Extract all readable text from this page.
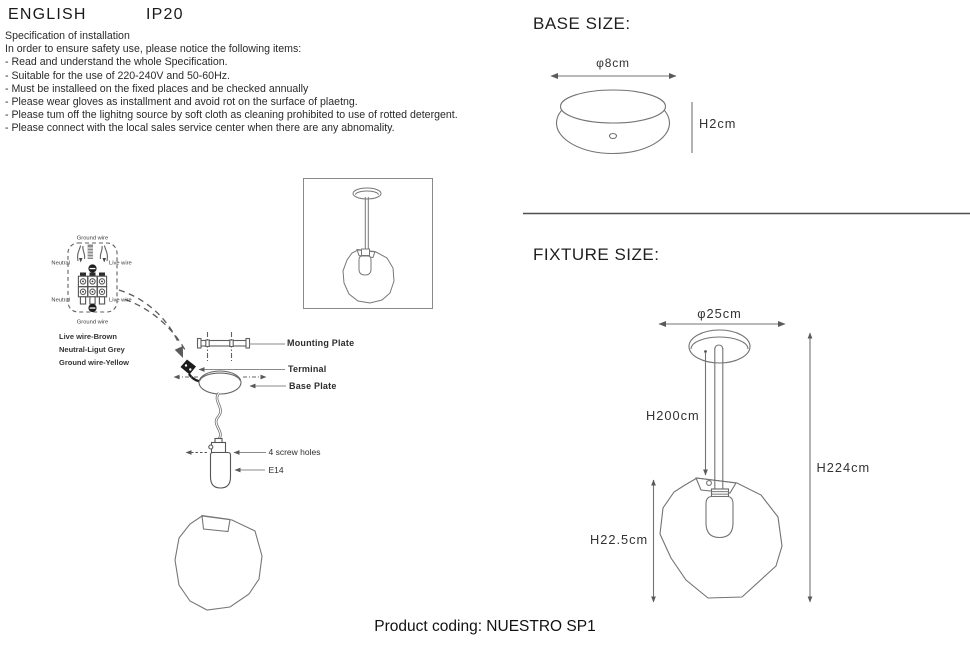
ENGLISH	IP20
Specification of installation
In order to ensure safety use, please notice the following items:
- Read and understand the whole Specification.
- Suitable for the use of 220-240V and 50-60Hz.
- Must be installeed on the fixed places and be checked annually
- Please wear gloves as installment and avoid rot on the surface of plaetng.
- Please tum off the lighitng source by soft cloth as cleaning prohibited to use of rotted detergent.
- Please connect with the local sales service center when there are any abnomality.
Ground wire
Neutral	Live wire
Neutral	Live wire
Ground wire
Live wire-Brown
Neutral-Ligut Grey
Ground wire-Yellow
Mounting Plate
Terminal
Base Plate
4 screw holes
E14
BASE SIZE:
φ8cm
H2cm
FIXTURE SIZE:
φ25cm
H200cm
H224cm
H22.5cm
Product coding: NUESTRO SP1
